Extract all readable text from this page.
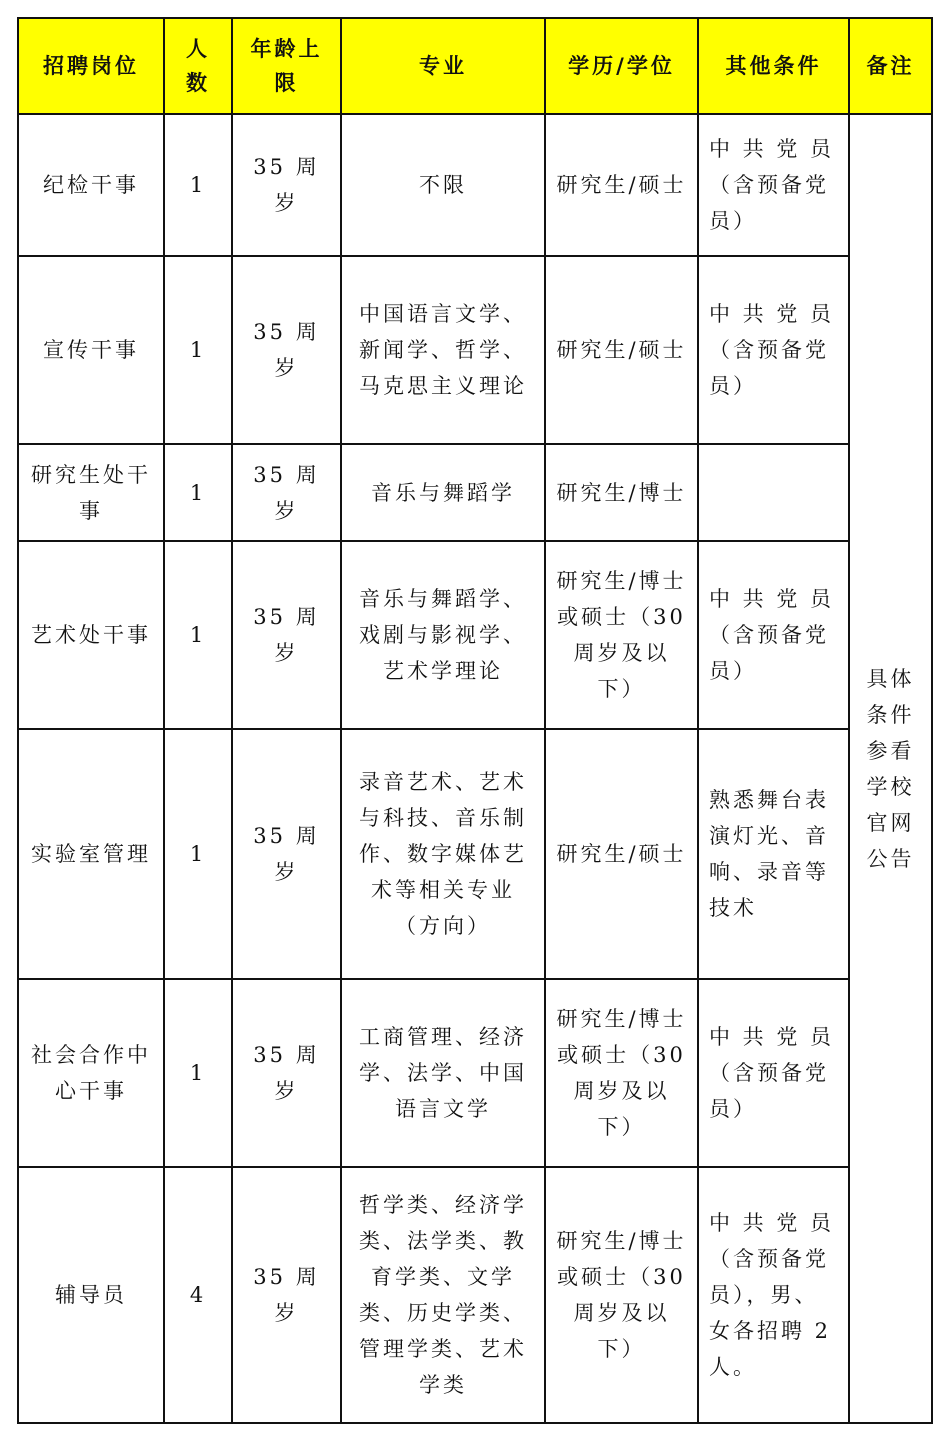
招聘岗位	人数	年龄上限	专业	学历/学位	其他条件	备注
纪检干事	1	35 周岁	不限	研究生/硕士	中 共 党 员（含预备党员）	具体条件参看学校官网公告
宣传干事	1	35 周岁	中国语言文学、新闻学、哲学、马克思主义理论	研究生/硕士	中 共 党 员（含预备党员）	
研究生处干事	1	35 周岁	音乐与舞蹈学	研究生/博士		
艺术处干事	1	35 周岁	音乐与舞蹈学、戏剧与影视学、艺术学理论	研究生/博士或硕士（30 周岁及以下）	中 共 党 员（含预备党员）	
实验室管理	1	35 周岁	录音艺术、艺术与科技、音乐制作、数字媒体艺术等相关专业（方向）	研究生/硕士	熟悉舞台表演灯光、音响、录音等技术	
社会合作中心干事	1	35 周岁	工商管理、经济学、法学、中国语言文学	研究生/博士或硕士（30 周岁及以下）	中 共 党 员（含预备党员）	
辅导员	4	35 周岁	哲学类、经济学类、法学类、教育学类、文学类、历史学类、管理学类、艺术学类	研究生/博士或硕士（30 周岁及以下）	中 共 党 员（含预备党员），男、女各招聘 2 人。	
